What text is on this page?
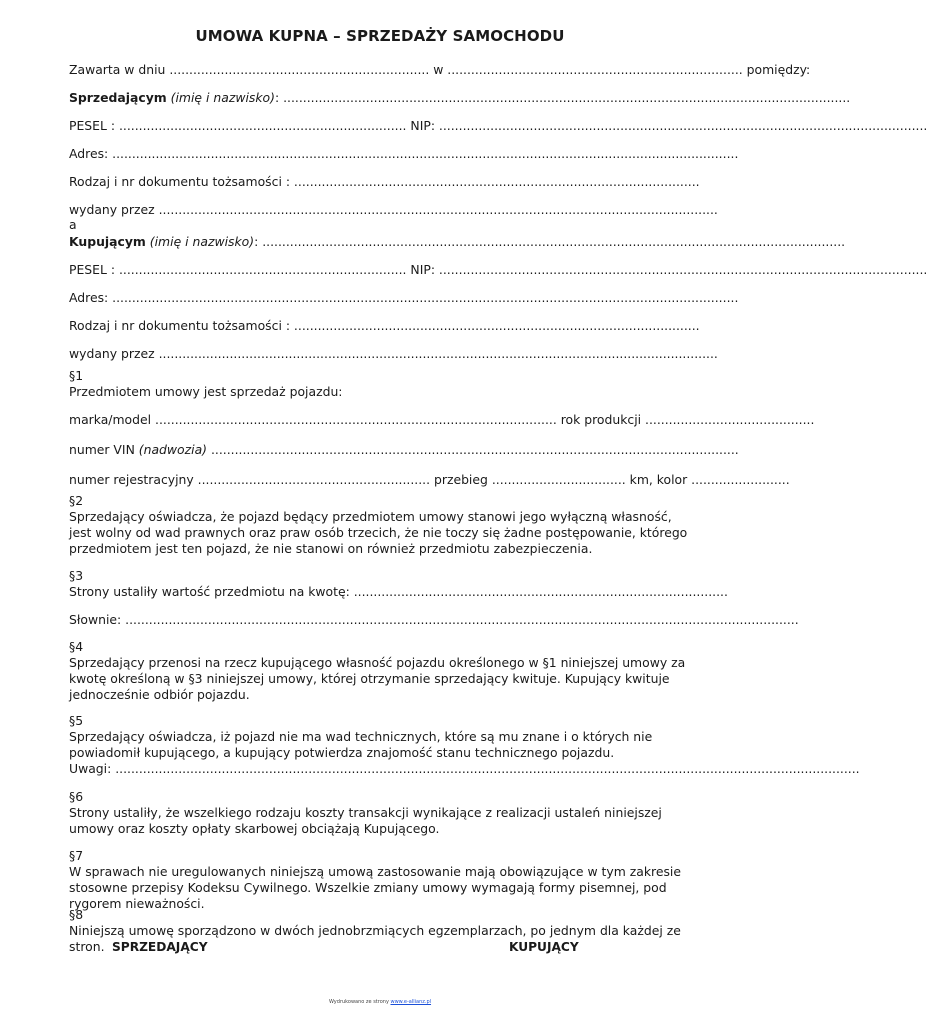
UMOWA KUPNA – SPRZEDAŻY SAMOCHODU
Zawarta w dniu .................................................................. w ........................................................................... pomiędzy:
Sprzedającym (imię i nazwisko): ................................................................................................................................................
PESEL : ......................................................................... NIP: ............................................................................................................................
Adres: ...............................................................................................................................................................
Rodzaj i nr dokumentu tożsamości : .......................................................................................................
wydany przez ..............................................................................................................................................
a
Kupującym (imię i nazwisko): ....................................................................................................................................................
PESEL : ......................................................................... NIP: ............................................................................................................................
Adres: ...............................................................................................................................................................
Rodzaj i nr dokumentu tożsamości : .......................................................................................................
wydany przez ..............................................................................................................................................
§1
Przedmiotem umowy jest sprzedaż pojazdu:
marka/model ...................................................................................................... rok produkcji ...........................................
numer VIN (nadwozia) ......................................................................................................................................
numer rejestracyjny ........................................................... przebieg .................................. km, kolor .........................
§2
Sprzedający oświadcza, że pojazd będący przedmiotem umowy stanowi jego wyłączną własność, jest wolny od wad prawnych oraz praw osób trzecich, że nie toczy się żadne postępowanie, którego przedmiotem jest ten pojazd, że nie stanowi on również przedmiotu zabezpieczenia.
§3
Strony ustaliły wartość przedmiotu na kwotę: ...............................................................................................
Słownie: ...........................................................................................................................................................................
§4
Sprzedający przenosi na rzecz kupującego własność pojazdu określonego w §1 niniejszej umowy za kwotę określoną w §3 niniejszej umowy, której otrzymanie sprzedający kwituje. Kupujący kwituje jednocześnie odbiór pojazdu.
§5
Sprzedający oświadcza, iż pojazd nie ma wad technicznych, które są mu znane i o których nie powiadomił kupującego, a kupujący potwierdza znajomość stanu technicznego pojazdu.
Uwagi: .............................................................................................................................................................................................
§6
Strony ustaliły, że wszelkiego rodzaju koszty transakcji wynikające z realizacji ustaleń niniejszej umowy oraz koszty opłaty skarbowej obciążają Kupującego.
§7
W sprawach nie uregulowanych niniejszą umową zastosowanie mają obowiązujące w tym zakresie stosowne przepisy Kodeksu Cywilnego. Wszelkie zmiany umowy wymagają formy pisemnej, pod rygorem nieważności.
§8
Niniejszą umowę sporządzono w dwóch jednobrzmiących egzemplarzach, po jednym dla każdej ze stron. SPRZEDAJĄCY	KUPUJĄCY
Wydrukowano ze strony www.e-allianz.pl
